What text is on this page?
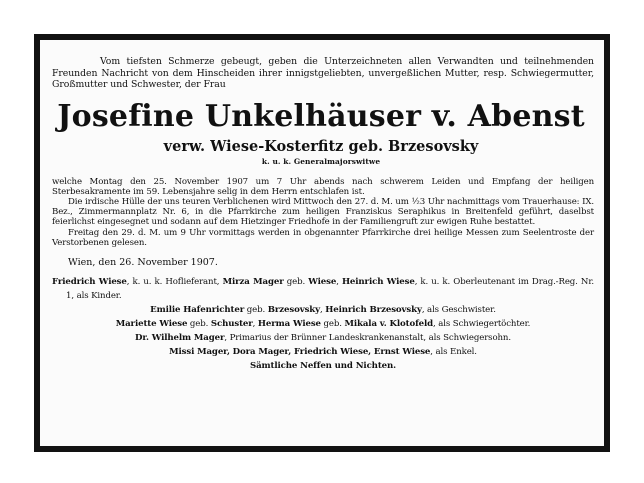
Vom tiefsten Schmerze gebeugt, geben die Unterzeichneten allen Verwandten und teilnehmenden Freunden Nachricht von dem Hinscheiden ihrer innigstgeliebten, unvergeßlichen Mutter, resp. Schwiegermutter, Großmutter und Schwester, der Frau

Josefine Unkelhäuser v. Abenst
verw. Wiese-Kosterfitz geb. Brzesovsky
k. u. k. Generalmajorswitwe

welche Montag den 25. November 1907 um 7 Uhr abends nach schwerem Leiden und Empfang der heiligen Sterbesakramente im 59. Lebensjahre selig in dem Herrn entschlafen ist.

Die irdische Hülle der uns teuren Verblichenen wird Mittwoch den 27. d. M. um ½3 Uhr nachmittags vom Trauerhause: IX. Bez., Zimmermannplatz Nr. 6, in die Pfarrkirche zum heiligen Franziskus Seraphikus in Breitenfeld geführt, daselbst feierlichst eingesegnet und sodann auf dem Hietzinger Friedhofe in der Familiengruft zur ewigen Ruhe bestattet.

Freitag den 29. d. M. um 9 Uhr vormittags werden in obgenannter Pfarrkirche drei heilige Messen zum Seelentroste der Verstorbenen gelesen.

Wien, den 26. November 1907.

Friedrich Wiese, k. u. k. Hoflieferant, Mirza Mager geb. Wiese, Heinrich Wiese, k. u. k. Oberleutenant im Drag.-Reg. Nr. 1, als Kinder.

Emilie Hafenrichter geb. Brzesovsky, Heinrich Brzesovsky, als Geschwister.

Mariette Wiese geb. Schuster, Herma Wiese geb. Mikala v. Klotofeld, als Schwiegertöchter.

Dr. Wilhelm Mager, Primarius der Brünner Landeskrankenanstalt, als Schwiegersohn.

Missi Mager, Dora Mager, Friedrich Wiese, Ernst Wiese, als Enkel.

Sämtliche Neffen und Nichten.
